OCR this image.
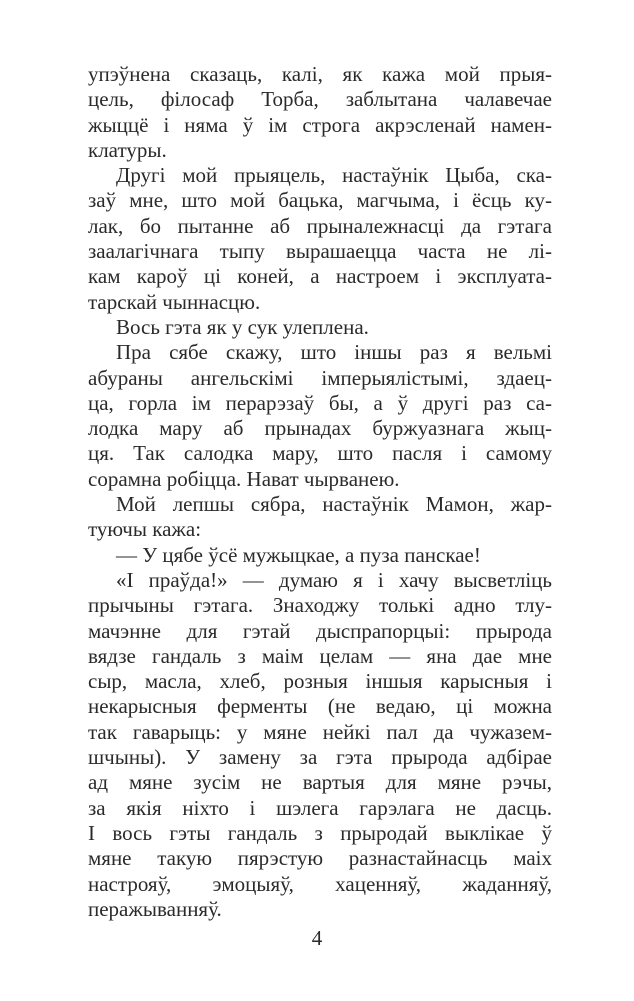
упэўнена сказаць, калі, як кажа мой прыя-
цель, філосаф Торба, заблытана чалавечае
жыццё і няма ў ім строга акрэсленай намен-
клатуры.
Другі мой прыяцель, настаўнік Цыба, ска-
заў мне, што мой бацька, магчыма, і ёсць ку-
лак, бо пытанне аб прыналежнасці да гэтага
заалагічнага тыпу вырашаецца часта не лі-
кам кароў ці коней, а настроем і эксплуата-
тарскай чыннасцю.
Вось гэта як у сук улеплена.
Пра сябе скажу, што іншы раз я вельмі
абураны ангельскімі імперыялістымі, здаец-
ца, горла ім перарэзаў бы, а ў другі раз са-
лодка мару аб прынадах буржуазнага жыц-
ця. Так салодка мару, што пасля і самому
сорамна робіцца. Нават чырванею.
Мой лепшы сябра, настаўнік Мамон, жар-
туючы кажа:
— У цябе ўсё мужыцкае, а пуза панскае!
«І праўда!» — думаю я і хачу высветліць
прычыны гэтага. Знаходжу толькі адно тлу-
мачэнне для гэтай дыспрапорцыі: прырода
вядзе гандаль з маім целам — яна дае мне
сыр, масла, хлеб, розныя іншыя карысныя і
некарысныя ферменты (не ведаю, ці можна
так гаварыць: у мяне нейкі пал да чужазем-
шчыны). У замену за гэта прырода адбірае
ад мяне зусім не вартыя для мяне рэчы,
за якія ніхто і шэлега гарэлага не дасць.
І вось гэты гандаль з прыродай выклікае ў
мяне такую пярэстую разнастайнасць маіх
настрояў, эмоцыяў, хаценняў, жаданняў,
перажыванняў.
4
